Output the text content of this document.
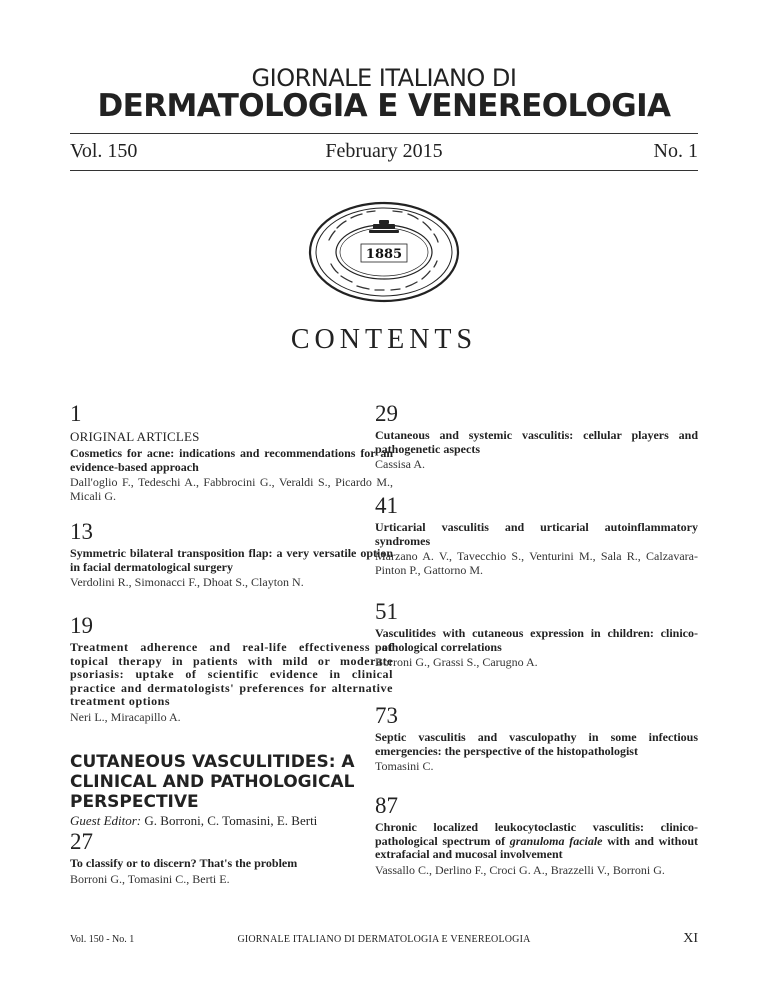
GIORNALE ITALIANO DI
DERMATOLOGIA E VENEREOLOGIA
February 2015
Vol. 150	No. 1
1885
CONTENTS
1
ORIGINAL ARTICLES
Cosmetics for acne: indications and recommendations for an evidence-based approach
Dall'oglio F., Tedeschi A., Fabbrocini G., Veraldi S., Picardo M., Micali G.
13
Symmetric bilateral transposition flap: a very versatile option in facial dermatological surgery
Verdolini R., Simonacci F., Dhoat S., Clayton N.
19
Treatment adherence and real-life effectiveness of topical therapy in patients with mild or moderate psoriasis: uptake of scientific evidence in clinical practice and dermatologists' preferences for alternative treatment options
Neri L., Miracapillo A.
CUTANEOUS VASCULITIDES: A CLINICAL AND PATHOLOGICAL PERSPECTIVE
Guest Editor: G. Borroni, C. Tomasini, E. Berti
27
To classify or to discern? That's the problem
Borroni G., Tomasini C., Berti E.
29
Cutaneous and systemic vasculitis: cellular players and pathogenetic aspects
Cassisa A.
41
Urticarial vasculitis and urticarial autoinflammatory syndromes
Marzano A. V., Tavecchio S., Venturini M., Sala R., Calzavara-Pinton P., Gattorno M.
51
Vasculitides with cutaneous expression in children: clinico-pathological correlations
Borroni G., Grassi S., Carugno A.
73
Septic vasculitis and vasculopathy in some infectious emergencies: the perspective of the histopathologist
Tomasini C.
87
Chronic localized leukocytoclastic vasculitis: clinico-pathological spectrum of granuloma faciale with and without extrafacial and mucosal involvement
Vassallo C., Derlino F., Croci G. A., Brazzelli V., Borroni G.
GIORNALE ITALIANO DI DERMATOLOGIA E VENEREOLOGIA
Vol. 150 - No. 1	XI
